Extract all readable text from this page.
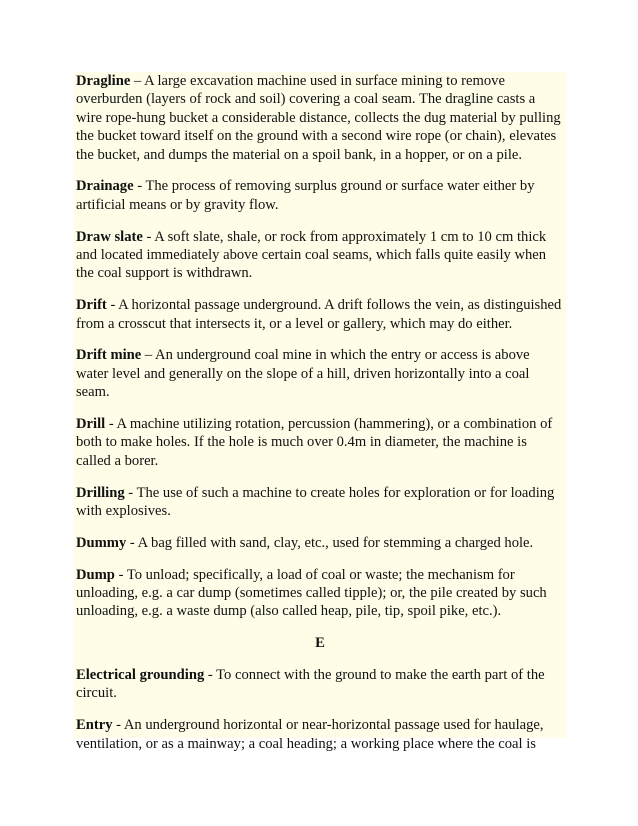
Dragline – A large excavation machine used in surface mining to remove overburden (layers of rock and soil) covering a coal seam. The dragline casts a wire rope-hung bucket a considerable distance, collects the dug material by pulling the bucket toward itself on the ground with a second wire rope (or chain), elevates the bucket, and dumps the material on a spoil bank, in a hopper, or on a pile.

Drainage - The process of removing surplus ground or surface water either by artificial means or by gravity flow.

Draw slate - A soft slate, shale, or rock from approximately 1 cm to 10 cm thick and located immediately above certain coal seams, which falls quite easily when the coal support is withdrawn.

Drift - A horizontal passage underground. A drift follows the vein, as distinguished from a crosscut that intersects it, or a level or gallery, which may do either.

Drift mine – An underground coal mine in which the entry or access is above water level and generally on the slope of a hill, driven horizontally into a coal seam.

Drill - A machine utilizing rotation, percussion (hammering), or a combination of both to make holes. If the hole is much over 0.4m in diameter, the machine is called a borer.

Drilling - The use of such a machine to create holes for exploration or for loading with explosives.

Dummy - A bag filled with sand, clay, etc., used for stemming a charged hole.

Dump - To unload; specifically, a load of coal or waste; the mechanism for unloading, e.g. a car dump (sometimes called tipple); or, the pile created by such unloading, e.g. a waste dump (also called heap, pile, tip, spoil pike, etc.).

E

Electrical grounding - To connect with the ground to make the earth part of the circuit.

Entry - An underground horizontal or near-horizontal passage used for haulage, ventilation, or as a mainway; a coal heading; a working place where the coal is
